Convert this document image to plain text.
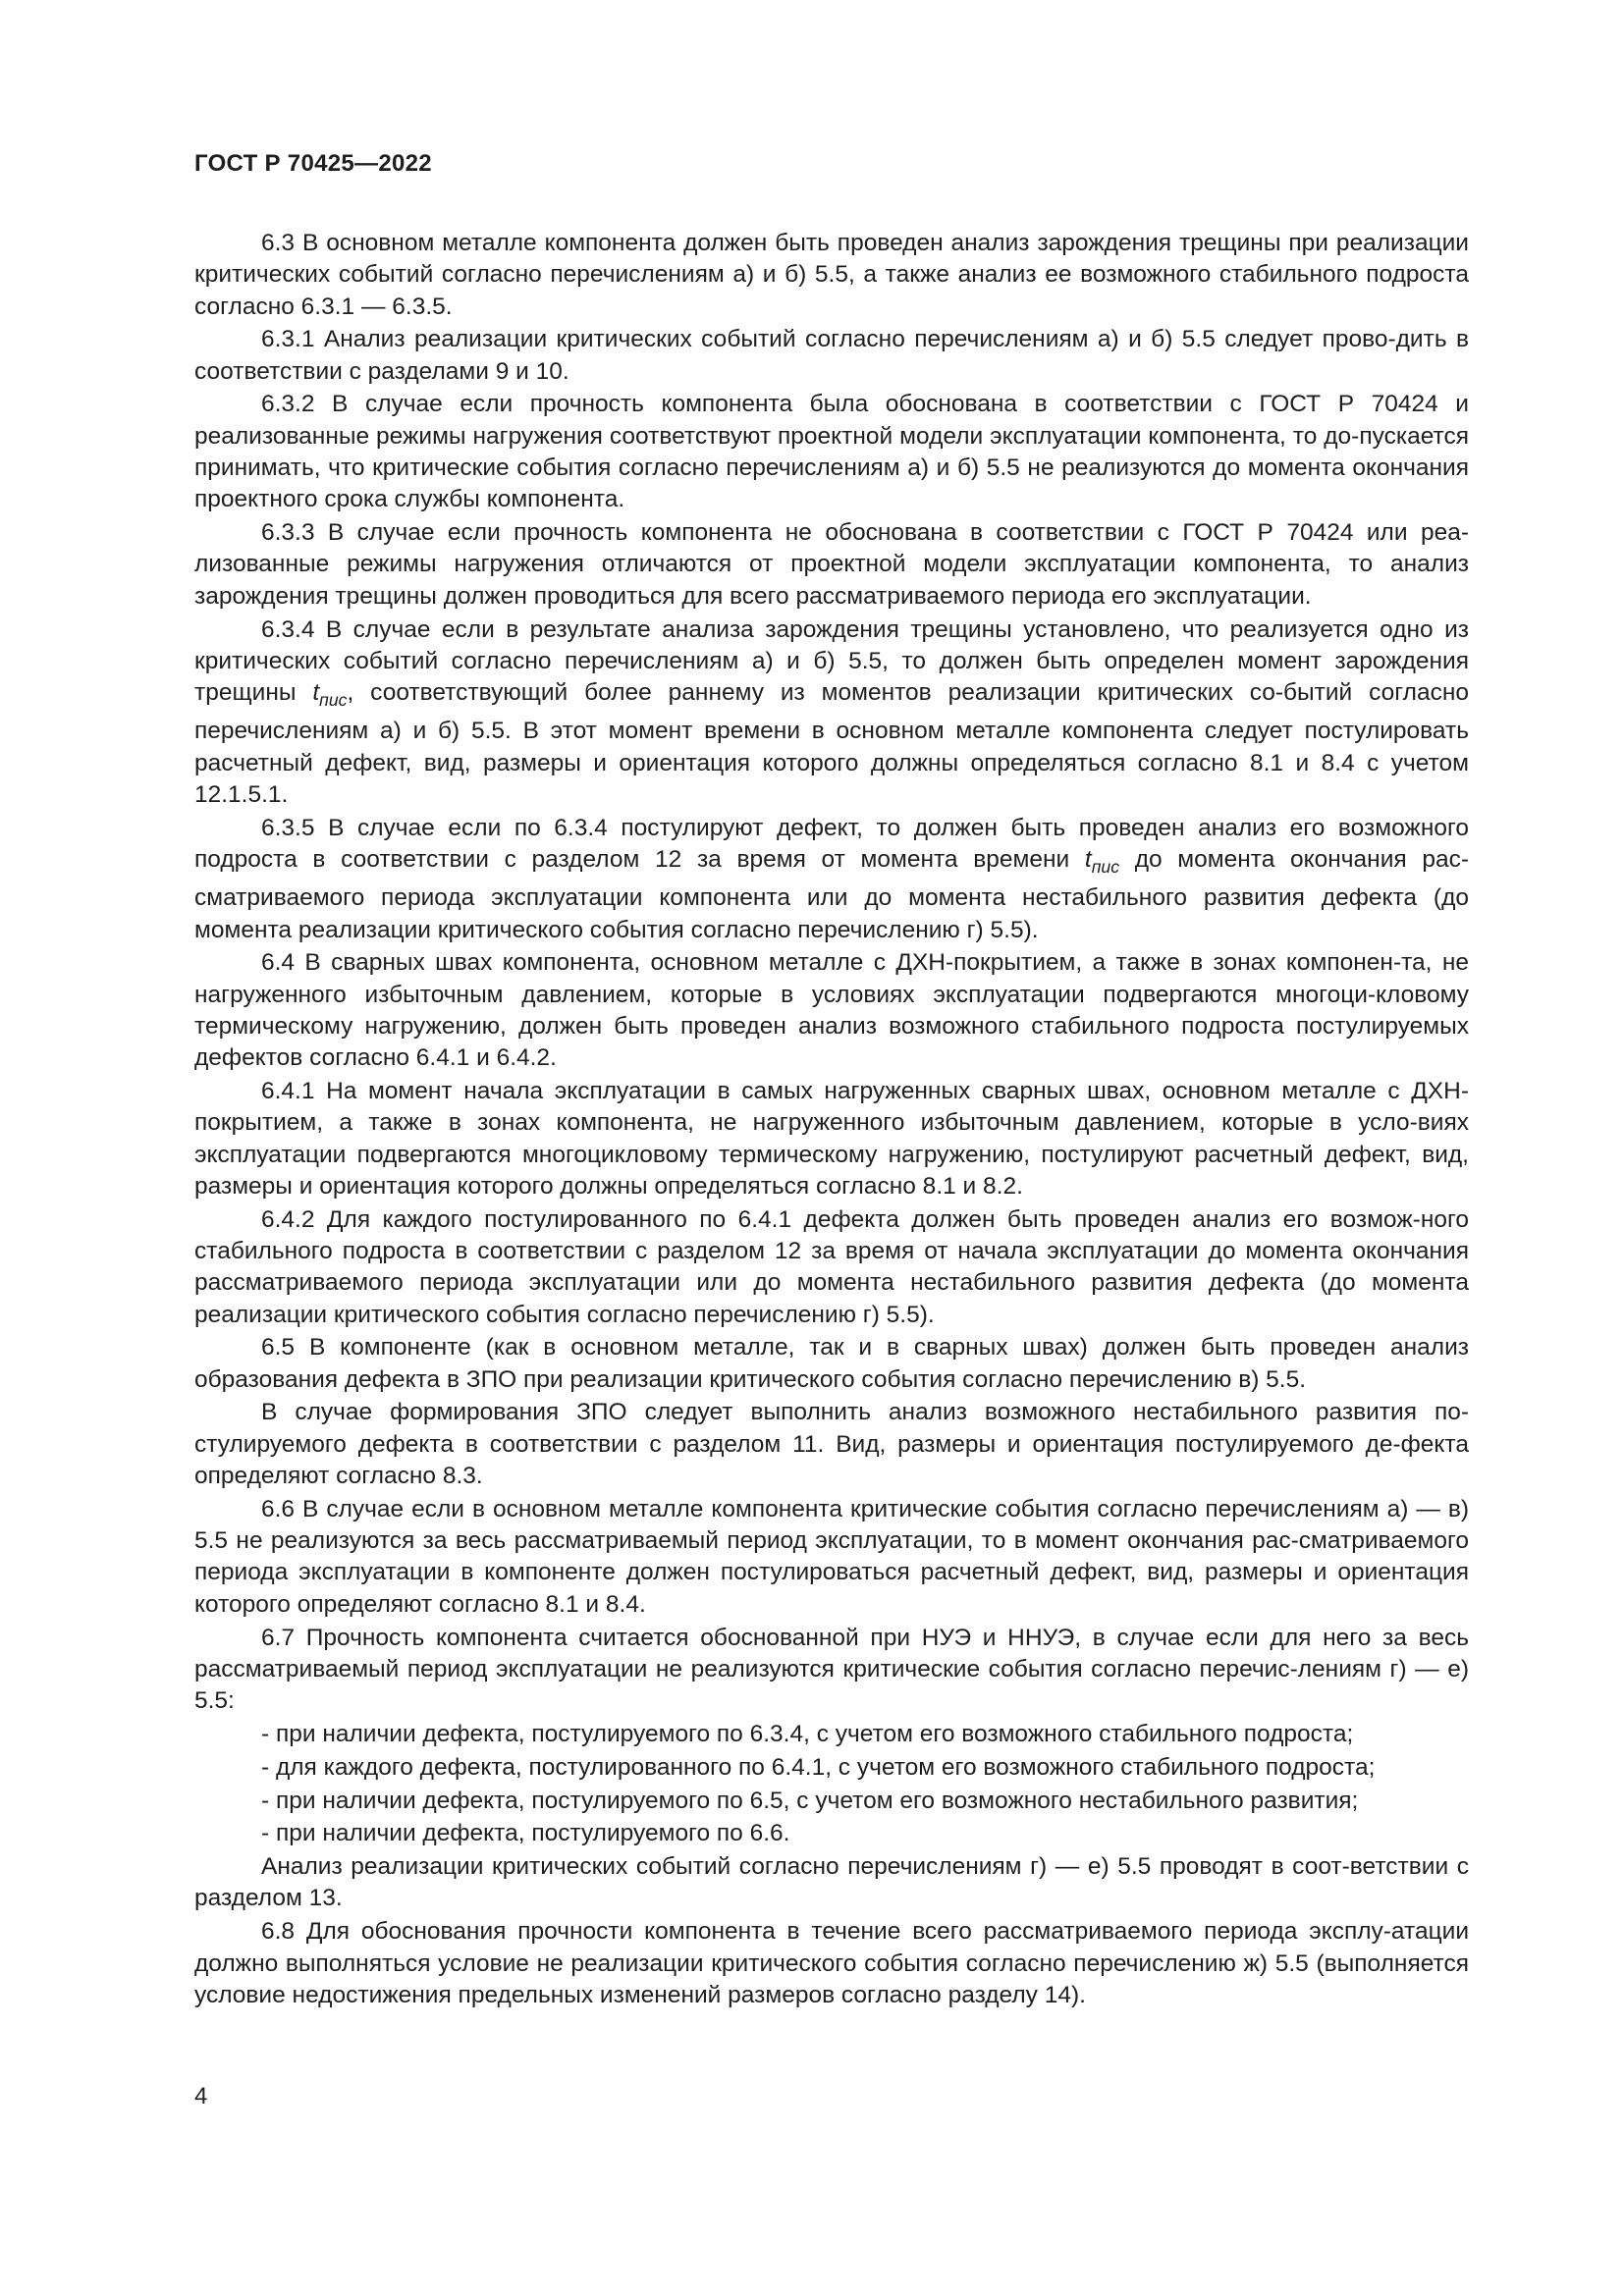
ГОСТ Р 70425—2022

6.3 В основном металле компонента должен быть проведен анализ зарождения трещины при реализации критических событий согласно перечислениям а) и б) 5.5, а также анализ ее возможного стабильного подроста согласно 6.3.1 — 6.3.5.

6.3.1 Анализ реализации критических событий согласно перечислениям а) и б) 5.5 следует прово-дить в соответствии с разделами 9 и 10.

6.3.2 В случае если прочность компонента была обоснована в соответствии с ГОСТ Р 70424 и реализованные режимы нагружения соответствуют проектной модели эксплуатации компонента, то до-пускается принимать, что критические события согласно перечислениям а) и б) 5.5 не реализуются до момента окончания проектного срока службы компонента.

6.3.3 В случае если прочность компонента не обоснована в соответствии с ГОСТ Р 70424 или реа-лизованные режимы нагружения отличаются от проектной модели эксплуатации компонента, то анализ зарождения трещины должен проводиться для всего рассматриваемого периода его эксплуатации.

6.3.4 В случае если в результате анализа зарождения трещины установлено, что реализуется одно из критических событий согласно перечислениям а) и б) 5.5, то должен быть определен момент зарождения трещины $t_{пис}$, соответствующий более раннему из моментов реализации критических со-бытий согласно перечислениям а) и б) 5.5. В этот момент времени в основном металле компонента следует постулировать расчетный дефект, вид, размеры и ориентация которого должны определяться согласно 8.1 и 8.4 с учетом 12.1.5.1.

6.3.5 В случае если по 6.3.4 постулируют дефект, то должен быть проведен анализ его возможного подроста в соответствии с разделом 12 за время от момента времени $t_{пис}$ до момента окончания рас-сматриваемого периода эксплуатации компонента или до момента нестабильного развития дефекта (до момента реализации критического события согласно перечислению г) 5.5).

6.4 В сварных швах компонента, основном металле с ДХН-покрытием, а также в зонах компонен-та, не нагруженного избыточным давлением, которые в условиях эксплуатации подвергаются многоци-кловому термическому нагружению, должен быть проведен анализ возможного стабильного подроста постулируемых дефектов согласно 6.4.1 и 6.4.2.

6.4.1 На момент начала эксплуатации в самых нагруженных сварных швах, основном металле с ДХН-покрытием, а также в зонах компонента, не нагруженного избыточным давлением, которые в усло-виях эксплуатации подвергаются многоцикловому термическому нагружению, постулируют расчетный дефект, вид, размеры и ориентация которого должны определяться согласно 8.1 и 8.2.

6.4.2 Для каждого постулированного по 6.4.1 дефекта должен быть проведен анализ его возмож-ного стабильного подроста в соответствии с разделом 12 за время от начала эксплуатации до момента окончания рассматриваемого периода эксплуатации или до момента нестабильного развития дефекта (до момента реализации критического события согласно перечислению г) 5.5).

6.5 В компоненте (как в основном металле, так и в сварных швах) должен быть проведен анализ образования дефекта в ЗПО при реализации критического события согласно перечислению в) 5.5.

В случае формирования ЗПО следует выполнить анализ возможного нестабильного развития по-стулируемого дефекта в соответствии с разделом 11. Вид, размеры и ориентация постулируемого де-фекта определяют согласно 8.3.

6.6 В случае если в основном металле компонента критические события согласно перечислениям а) — в) 5.5 не реализуются за весь рассматриваемый период эксплуатации, то в момент окончания рас-сматриваемого периода эксплуатации в компоненте должен постулироваться расчетный дефект, вид, размеры и ориентация которого определяют согласно 8.1 и 8.4.

6.7 Прочность компонента считается обоснованной при НУЭ и ННУЭ, в случае если для него за весь рассматриваемый период эксплуатации не реализуются критические события согласно перечис-лениям г) — е) 5.5:

- при наличии дефекта, постулируемого по 6.3.4, с учетом его возможного стабильного подроста;

- для каждого дефекта, постулированного по 6.4.1, с учетом его возможного стабильного подроста;

- при наличии дефекта, постулируемого по 6.5, с учетом его возможного нестабильного развития;

- при наличии дефекта, постулируемого по 6.6.

Анализ реализации критических событий согласно перечислениям г) — е) 5.5 проводят в соот-ветствии с разделом 13.

6.8 Для обоснования прочности компонента в течение всего рассматриваемого периода эксплу-атации должно выполняться условие не реализации критического события согласно перечислению ж) 5.5 (выполняется условие недостижения предельных изменений размеров согласно разделу 14).

4
